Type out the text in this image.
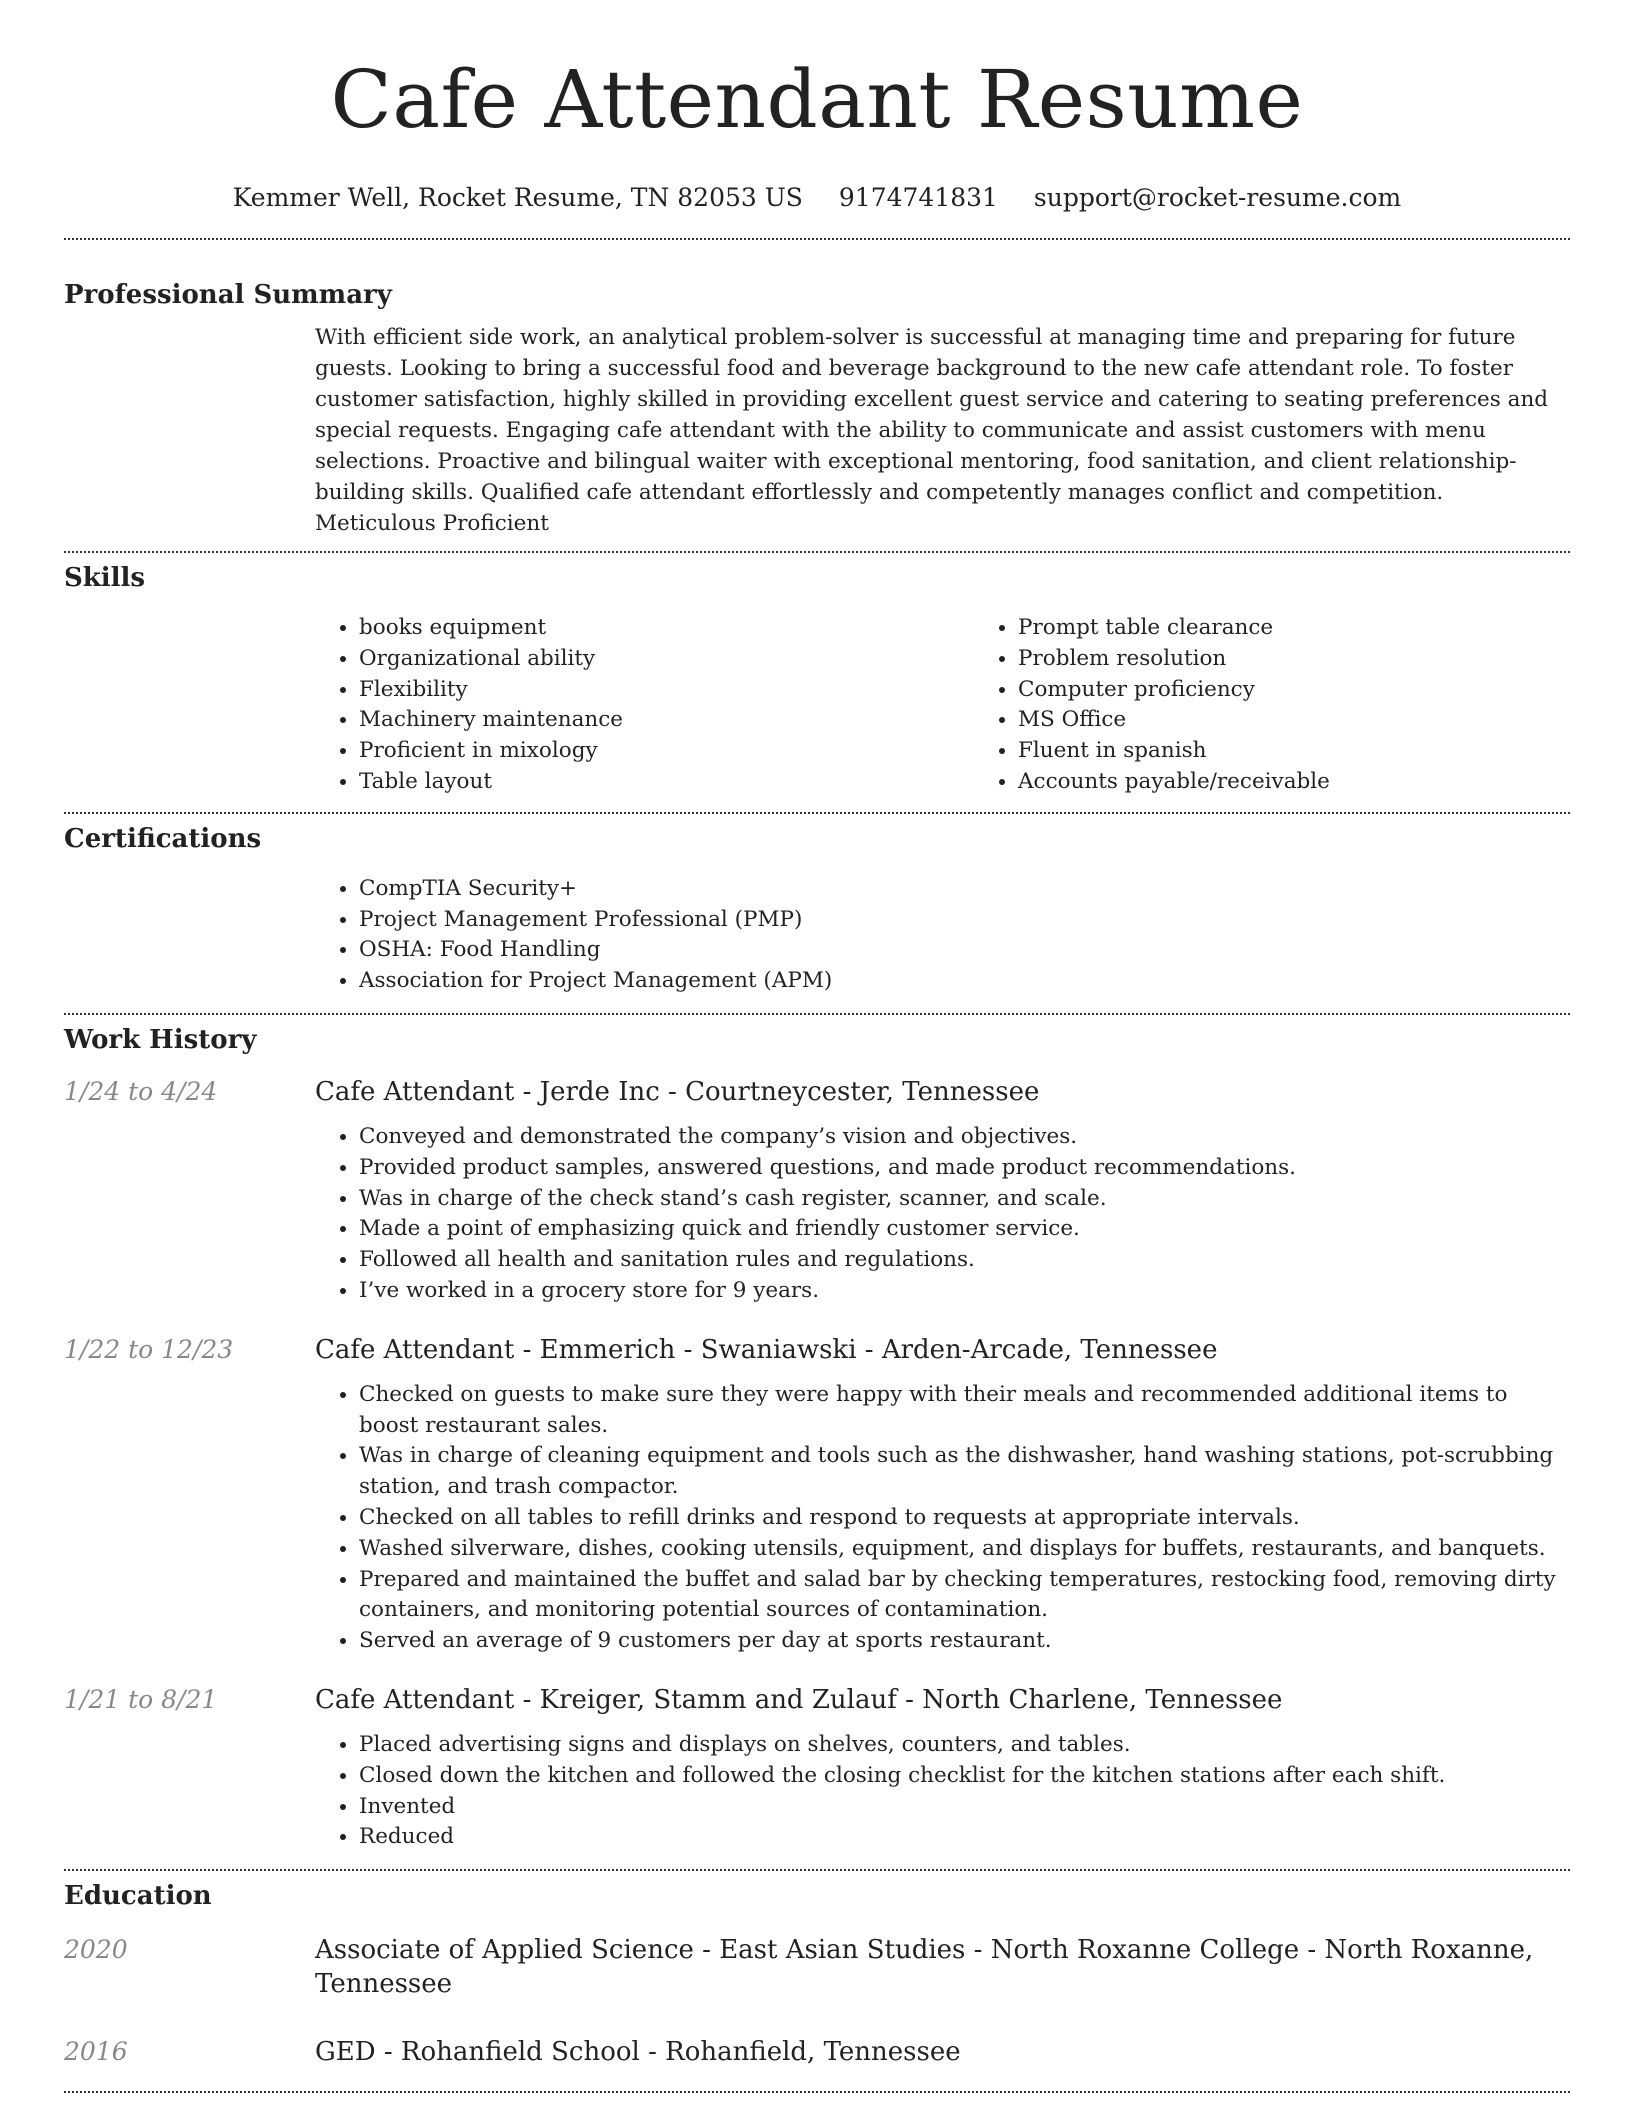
Cafe Attendant Resume
Kemmer Well, Rocket Resume, TN 82053 US 9174741831 support@rocket-resume.com
Professional Summary

With efficient side work, an analytical problem-solver is successful at managing time and preparing for future guests. Looking to bring a successful food and beverage background to the new cafe attendant role. To foster customer satisfaction, highly skilled in providing excellent guest service and catering to seating preferences and special requests. Engaging cafe attendant with the ability to communicate and assist customers with menu selections. Proactive and bilingual waiter with exceptional mentoring, food sanitation, and client relationship-building skills. Qualified cafe attendant effortlessly and competently manages conflict and competition. Meticulous Proficient

Skills
• books equipment
• Organizational ability
• Flexibility
• Machinery maintenance
• Proficient in mixology
• Table layout
• Prompt table clearance
• Problem resolution
• Computer proficiency
• MS Office
• Fluent in spanish
• Accounts payable/receivable
Certifications
• CompTIA Security+
• Project Management Professional (PMP)
• OSHA: Food Handling
• Association for Project Management (APM)
Work History
1/24 to 4/24	Cafe Attendant - Jerde Inc - Courtneycester, Tennessee
• Conveyed and demonstrated the company’s vision and objectives.
• Provided product samples, answered questions, and made product recommendations.
• Was in charge of the check stand’s cash register, scanner, and scale.
• Made a point of emphasizing quick and friendly customer service.
• Followed all health and sanitation rules and regulations.
• I’ve worked in a grocery store for 9 years.
1/22 to 12/23	Cafe Attendant - Emmerich - Swaniawski - Arden-Arcade, Tennessee
• Checked on guests to make sure they were happy with their meals and recommended additional items to boost restaurant sales.
• Was in charge of cleaning equipment and tools such as the dishwasher, hand washing stations, pot-scrubbing station, and trash compactor.
• Checked on all tables to refill drinks and respond to requests at appropriate intervals.
• Washed silverware, dishes, cooking utensils, equipment, and displays for buffets, restaurants, and banquets.
• Prepared and maintained the buffet and salad bar by checking temperatures, restocking food, removing dirty containers, and monitoring potential sources of contamination.
• Served an average of 9 customers per day at sports restaurant.
1/21 to 8/21	Cafe Attendant - Kreiger, Stamm and Zulauf - North Charlene, Tennessee
• Placed advertising signs and displays on shelves, counters, and tables.
• Closed down the kitchen and followed the closing checklist for the kitchen stations after each shift.
• Invented
• Reduced
Education
2020	Associate of Applied Science - East Asian Studies - North Roxanne College - North Roxanne, Tennessee
2016	GED - Rohanfield School - Rohanfield, Tennessee
